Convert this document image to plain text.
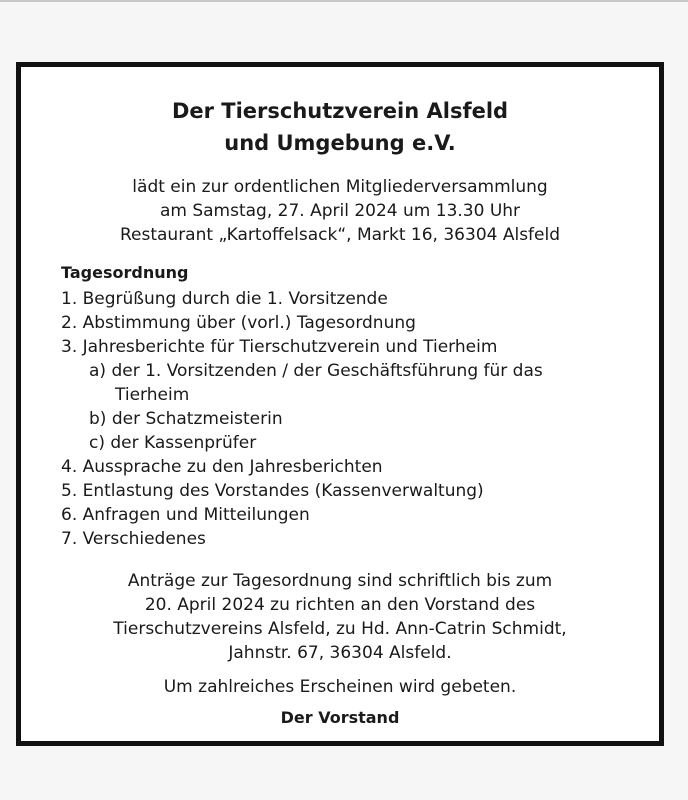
Der Tierschutzverein Alsfeld
und Umgebung e.V.
lädt ein zur ordentlichen Mitgliederversammlung
am Samstag, 27. April 2024 um 13.30 Uhr
Restaurant „Kartoffelsack“, Markt 16, 36304 Alsfeld
Tagesordnung
1. Begrüßung durch die 1. Vorsitzende
2. Abstimmung über (vorl.) Tagesordnung
3. Jahresberichte für Tierschutzverein und Tierheim
a) der 1. Vorsitzenden / der Geschäftsführung für das
Tierheim
b) der Schatzmeisterin
c) der Kassenprüfer
4. Aussprache zu den Jahresberichten
5. Entlastung des Vorstandes (Kassenverwaltung)
6. Anfragen und Mitteilungen
7. Verschiedenes
Anträge zur Tagesordnung sind schriftlich bis zum
20. April 2024 zu richten an den Vorstand des
Tierschutzvereins Alsfeld, zu Hd. Ann-Catrin Schmidt,
Jahnstr. 67, 36304 Alsfeld.

Um zahlreiches Erscheinen wird gebeten.

Der Vorstand
